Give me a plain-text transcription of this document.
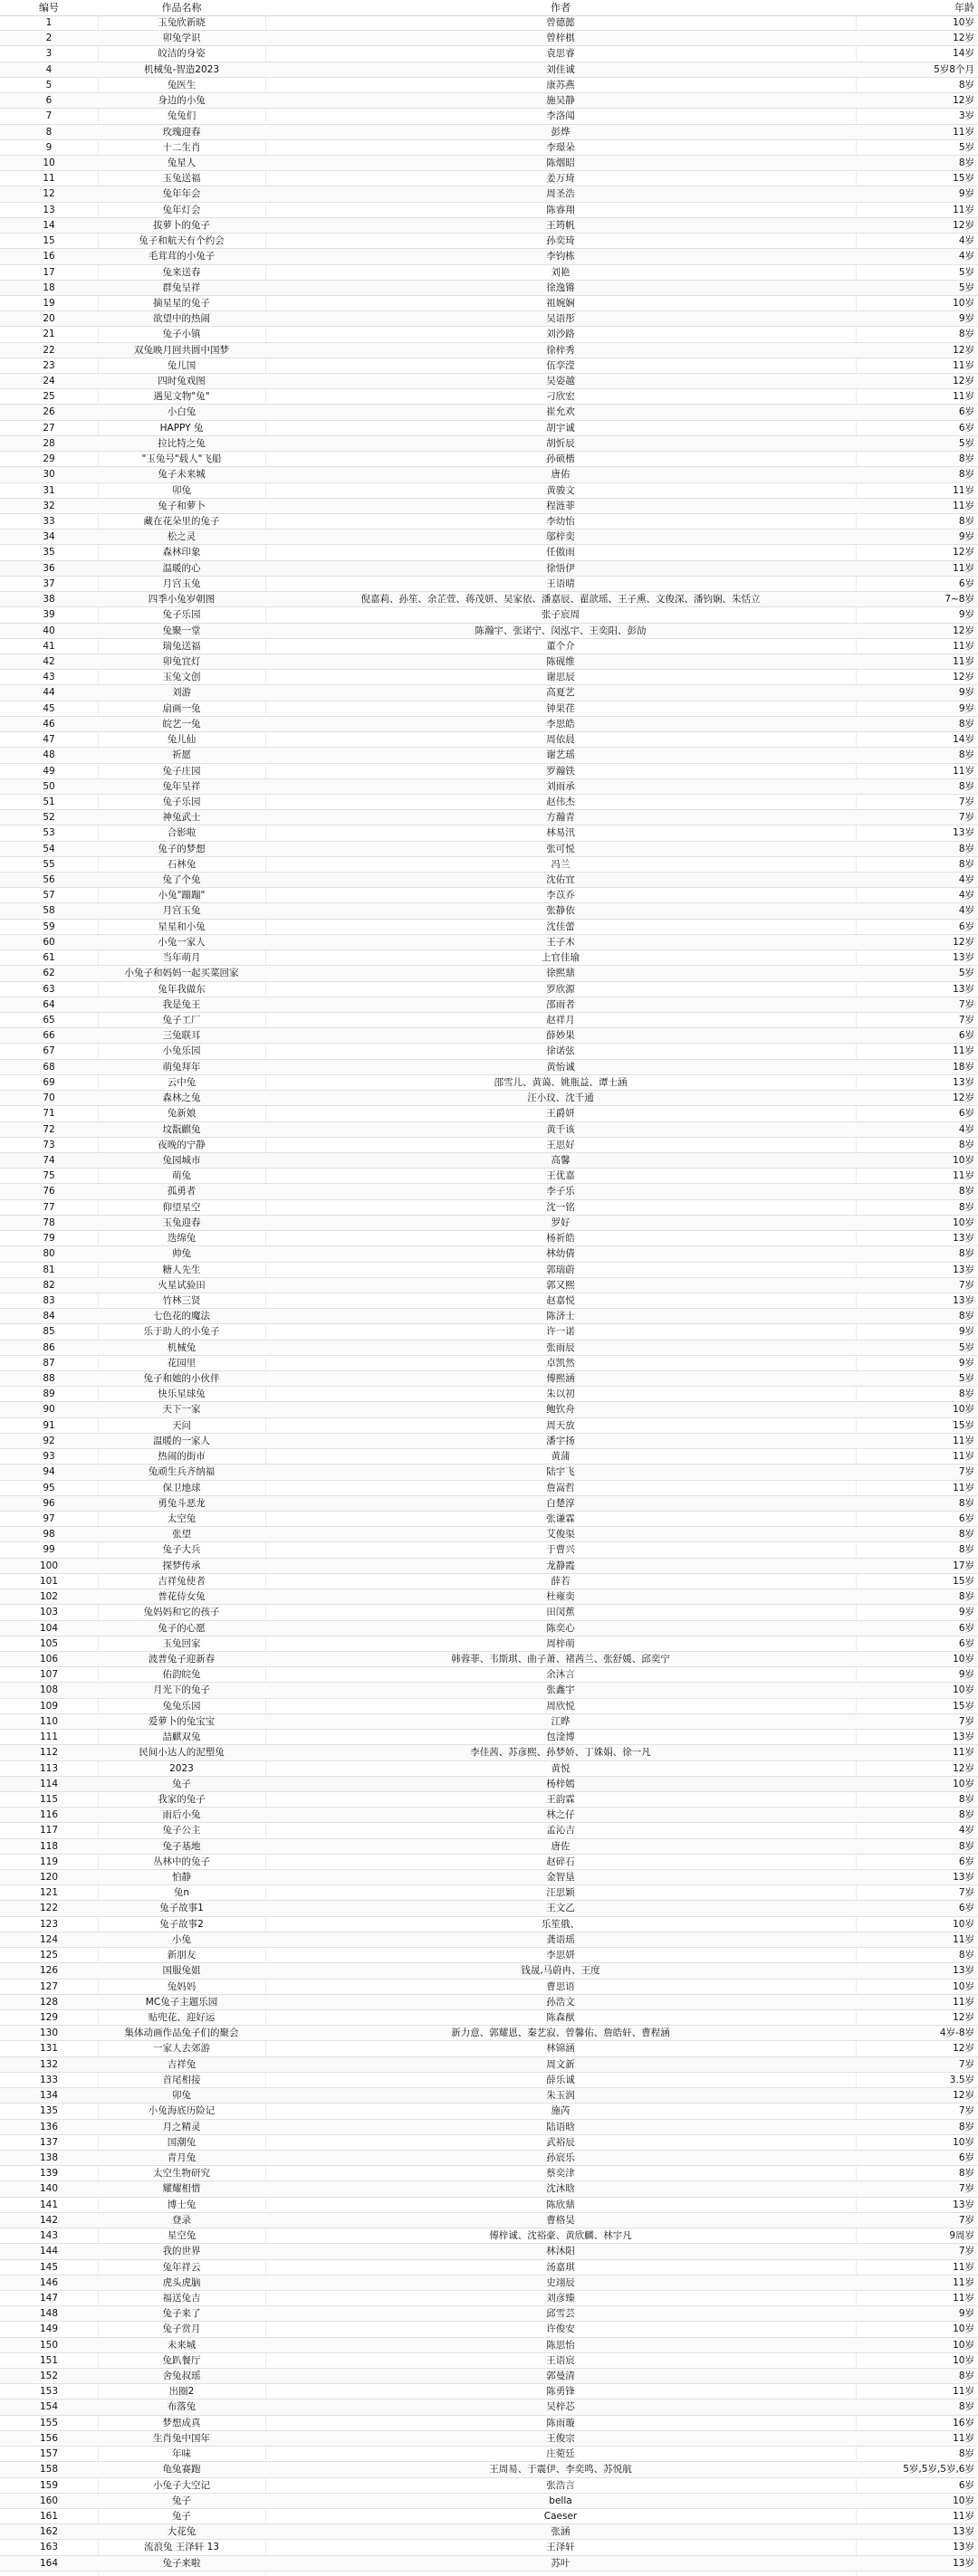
编号	作品名称	作者	年龄
1	玉兔欣新晓	曾德懿	10岁
2	卯兔学识	曾梓棋	12岁
3	皎洁的身姿	袁思睿	14岁
4	机械兔-智造2023	刘佳诚	5岁8个月
5	兔医生	康苏燕	8岁
6	身边的小兔	施吴静	12岁
7	兔兔们	李洛闻	3岁
8	玫瑰迎春	彭烨	11岁
9	十二生肖	李璟朵	5岁
10	兔星人	陈烟昭	8岁
11	玉兔送福	姜万琦	15岁
12	兔年年会	周圣浩	9岁
13	兔年灯会	陈睿翔	11岁
14	拔萝卜的兔子	王筠帆	12岁
15	兔子和航天有个约会	孙奕琦	4岁
16	毛茸茸的小兔子	李钧栋	4岁
17	兔来送春	刘艳	5岁
18	群兔呈祥	徐逸锵	5岁
19	摘星星的兔子	祖婉娴	10岁
20	欲望中的热闹	吴语彤	9岁
21	兔子小镇	刘沙路	8岁
22	双兔映月回共圆中国梦	徐梓秀	12岁
23	兔儿国	伍孪滢	11岁
24	四时兔戏图	吴姿越	12岁
25	遇见文物"兔"	刁欣宏	11岁
26	小白兔	崔允欢	6岁
27	HAPPY 兔	胡宇诚	6岁
28	拉比特之兔	胡忻辰	5岁
29	"玉兔号"载人"飞船	孙硕楷	8岁
30	兔子未来城	唐佑	8岁
31	卯兔	黄骏文	11岁
32	兔子和萝卜	程涟菲	11岁
33	藏在花朵里的兔子	李幼怡	8岁
34	松之灵	邬梓奕	9岁
35	森林印象	任傲雨	12岁
36	温暖的心	徐悟伊	11岁
37	月宫玉兔	王语晴	6岁
38	四季小兔岁朝图	倪嘉莉、孙笙、余芷萱、蒋茂妍、吴家依、潘嘉辰、翟歆瑶、王子熏、文俊深、潘钧娴、朱恬立	7~8岁
39	兔子乐园	张子宸周	9岁
40	兔聚一堂	陈瀚宇、张诺宁、闵泓宇、王奕阳、彭劼	12岁
41	瑞兔送福	董个介	11岁
42	卯兔宜灯	陈砚维	11岁
43	玉兔文创	谢思辰	12岁
44	刘游	高夏艺	9岁
45	扇画一兔	钟果荏	9岁
46	皖艺一兔	李思皓	8岁
47	兔儿仙	周依晨	14岁
48	祈愿	谢艺瑶	8岁
49	兔子庄园	罗瀚铁	11岁
50	兔年呈祥	刘雨承	8岁
51	兔子乐园	赵伟杰	7岁
52	神兔武士	方瀚青	7岁
53	合影啦	林易汛	13岁
54	兔子的梦想	张可悦	8岁
55	石林兔	冯兰	8岁
56	兔了个兔	沈佑宜	4岁
57	小兔"蹦蹦"	李苡乔	4岁
58	月宫玉兔	张静依	4岁
59	星星和小兔	沈佳蕾	6岁
60	小兔一家人	王子木	12岁
61	当年萌月	上官佳瑜	13岁
62	小兔子和妈妈一起买菜回家	徐熙鼎	5岁
63	兔年我做东	罗欣源	13岁
64	我是兔王	邵雨者	7岁
65	兔子工厂	赵祥月	7岁
66	三兔联耳	薛妙果	6岁
67	小兔乐园	徐诺弦	11岁
68	萌兔拜年	黄怡诚	18岁
69	云中兔	邵雪儿、黄蔼、姚瓶益、谭士涵	13岁
70	森林之兔	汪小玟、沈千通	12岁
71	兔新娘	王爵妍	6岁
72	坟翫麒兔	黄千该	4岁
73	夜晚的宁静	王思好	8岁
74	兔园城市	高馨	10岁
75	萌兔	王优嘉	11岁
76	孤勇者	李子乐	8岁
77	仰望星空	沈一铭	8岁
78	玉兔迎春	罗好	10岁
79	迭绵兔	杨祈皓	13岁
80	帅兔	林幼倩	8岁
81	糖人先生	郭瑞蔚	13岁
82	火星试验田	郭又熙	7岁
83	竹林三贤	赵嘉悦	13岁
84	七色花的魔法	陈济士	8岁
85	乐于助人的小兔子	许一诺	9岁
86	机械兔	张雨辰	5岁
87	花园里	卓凯然	9岁
88	兔子和她的小伙伴	傅熙涵	5岁
89	快乐星球兔	朱以初	8岁
90	天下一家	鲍钦舟	10岁
91	天问	周天放	15岁
92	温暖的一家人	潘宇扬	11岁
93	热闹的街市	黄蒲	11岁
94	兔顽生兵齐纳福	陆宇飞	7岁
95	保卫地球	詹嵩哲	11岁
96	勇兔斗恶龙	白楚淳	8岁
97	太空兔	张谦霖	6岁
98	张望	艾俊渠	8岁
99	兔子大兵	于曹兴	8岁
100	探梦传承	龙静霞	17岁
101	吉祥兔使者	薛若	15岁
102	普花侍女兔	杜雍奕	8岁
103	兔妈妈和它的孩子	田闵蕉	9岁
104	兔子的心愿	陈奕心	6岁
105	玉兔回家	周梓萌	6岁
106	波普兔子迎新春	韩蓉菲、韦斯琪、曲子萧、褚茜兰、张舒媛、邱奕宁	10岁
107	佑韵皖兔	余沐言	9岁
108	月光下的兔子	张鑫宇	10岁
109	兔兔乐园	周欣悦	15岁
110	爱萝卜的兔宝宝	江晔	7岁
111	喆麒双兔	包淦博	13岁
112	民间小达人的泥塑兔	李佳茜、苏彦熙、孙梦娇、丁姝娟、徐一凡	11岁
113	2023	黄悦	12岁
114	兔子	杨梓嫣	10岁
115	我家的兔子	王韵霖	8岁
116	雨后小兔	林之仔	8岁
117	兔子公主	孟沁吉	4岁
118	兔子基地	唐佐	8岁
119	丛林中的兔子	赵碎石	6岁
120	怕静	金智垦	13岁
121	兔n	汪思颖	7岁
122	兔子故事1	王文乙	6岁
123	兔子故事2	乐笙俄、	10岁
124	小兔	龚语瑶	11岁
125	新朋友	李思妍	8岁
126	国服兔姐	钱晟,马蔚冉、王度	13岁
127	兔妈妈	曹思语	10岁
128	MC兔子主题乐园	孙浩文	11岁
129	贴兜花、迎好运	陈森猷	12岁
130	集体动画作品兔子们的聚会	新力意、郭耀恩、秦艺寂、曾馨佑、詹皓轩、曹程涵	4岁-8岁
131	一家人去郊游	林锦涵	12岁
132	吉祥兔	周文新	7岁
133	首尾相接	薛乐诚	3.5岁
134	卯兔	朱玉润	12岁
135	小兔海底历险记	施芮	7岁
136	月之精灵	陆语晗	8岁
137	国潮兔	武裕辰	10岁
138	青月兔	孙宸乐	6岁
139	太空生物研究	蔡奕津	8岁
140	耀耀相惜	沈沐晗	7岁
141	博士兔	陈欣鼎	13岁
142	登录	曹格昊	7岁
143	星空兔	傅梓诚、沈裕豪、黄欣麟、林宇凡	9周岁
144	我的世界	林沐阳	7岁
145	兔年祥云	汤嘉琪	11岁
146	虎头虎脑	史翊辰	11岁
147	福送兔吉	刘彦臻	11岁
148	兔子来了	邱雪芸	9岁
149	兔子赏月	许俊安	10岁
150	未来城	陈思怡	10岁
151	兔趴餐厅	王语宸	10岁
152	舍兔叔瑶	郭曼清	8岁
153	出圈2	陈勇锋	11岁
154	布落兔	吴梓芯	8岁
155	梦想成真	陈雨璇	16岁
156	生肖兔中国年	王俊宗	11岁
157	年味	庄菀廷	8岁
158	龟兔赛跑	王周易、于震伊、李奕鸣、苏悦航	5岁,5岁,5岁,6岁
159	小兔子大空记	张浩言	6岁
160	兔子	bella	10岁
161	兔子	Caeser	11岁
162	大花兔	张涵	13岁
163	流浪兔 王泽轩 13	王泽轩	13岁
164	兔子来啦	苏叶	13岁
